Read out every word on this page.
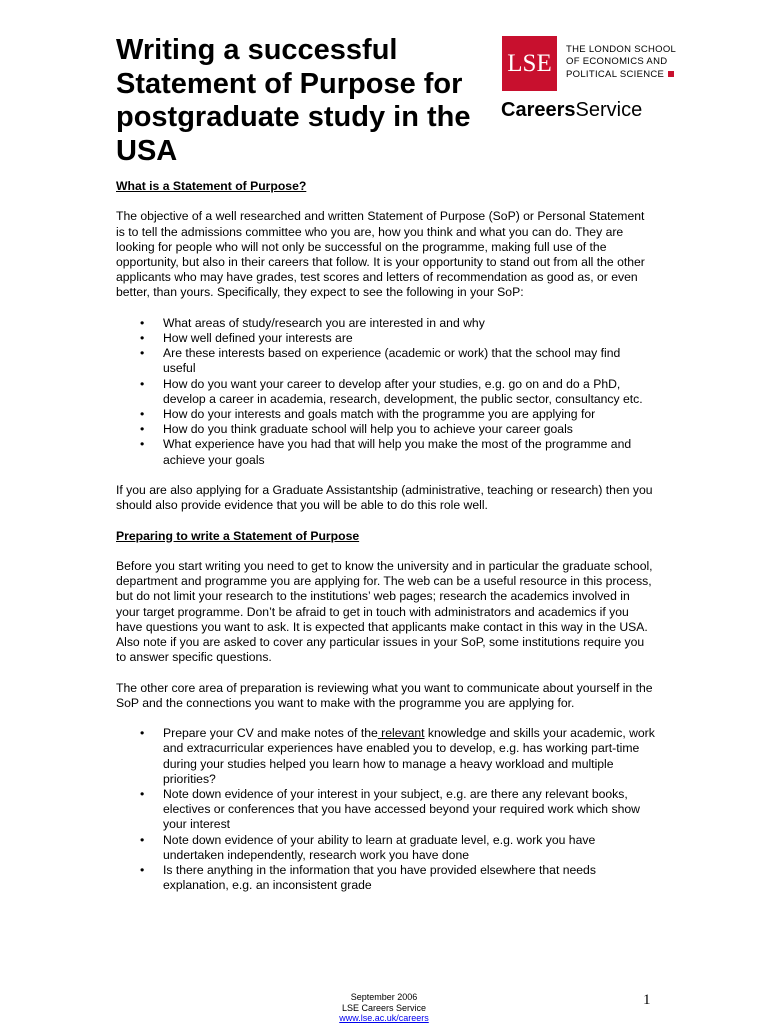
Writing a successful Statement of Purpose for postgraduate study in the USA
LSE	THE LONDON SCHOOL
OF ECONOMICS AND
POLITICAL SCIENCE
CareersService

What is a Statement of Purpose?

The objective of a well researched and written Statement of Purpose (SoP) or Personal Statement is to tell the admissions committee who you are, how you think and what you can do. They are looking for people who will not only be successful on the programme, making full use of the opportunity, but also in their careers that follow. It is your opportunity to stand out from all the other applicants who may have grades, test scores and letters of recommendation as good as, or even better, than yours. Specifically, they expect to see the following in your SoP:

• What areas of study/research you are interested in and why
• How well defined your interests are
• Are these interests based on experience (academic or work) that the school may find useful
• How do you want your career to develop after your studies, e.g. go on and do a PhD, develop a career in academia, research, development, the public sector, consultancy etc.
• How do your interests and goals match with the programme you are applying for
• How do you think graduate school will help you to achieve your career goals
• What experience have you had that will help you make the most of the programme and achieve your goals

If you are also applying for a Graduate Assistantship (administrative, teaching or research) then you should also provide evidence that you will be able to do this role well.

Preparing to write a Statement of Purpose

Before you start writing you need to get to know the university and in particular the graduate school, department and programme you are applying for. The web can be a useful resource in this process, but do not limit your research to the institutions’ web pages; research the academics involved in your target programme. Don’t be afraid to get in touch with administrators and academics if you have questions you want to ask. It is expected that applicants make contact in this way in the USA. Also note if you are asked to cover any particular issues in your SoP, some institutions require you to answer specific questions.

The other core area of preparation is reviewing what you want to communicate about yourself in the SoP and the connections you want to make with the programme you are applying for.

• Prepare your CV and make notes of the relevant knowledge and skills your academic, work and extracurricular experiences have enabled you to develop, e.g. has working part-time during your studies helped you learn how to manage a heavy workload and multiple priorities?
• Note down evidence of your interest in your subject, e.g. are there any relevant books, electives or conferences that you have accessed beyond your required work which show your interest
• Note down evidence of your ability to learn at graduate level, e.g. work you have undertaken independently, research work you have done
• Is there anything in the information that you have provided elsewhere that needs explanation, e.g. an inconsistent grade
September 2006
LSE Careers Service
www.lse.ac.uk/careers
1
